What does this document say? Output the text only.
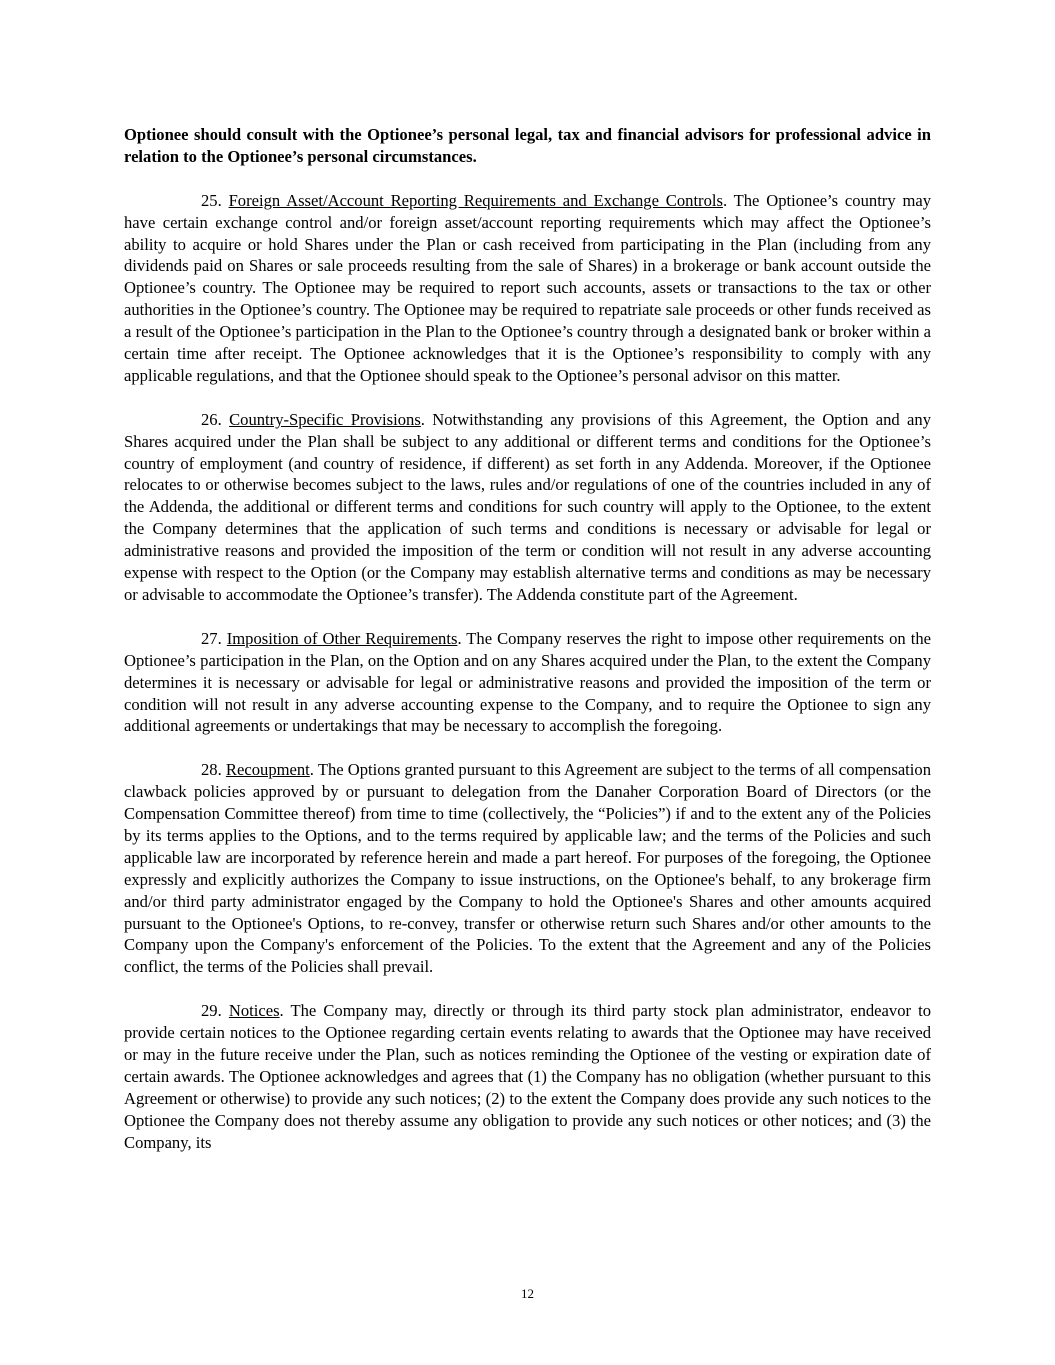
Optionee should consult with the Optionee’s personal legal, tax and financial advisors for professional advice in relation to the Optionee’s personal circumstances.

25. Foreign Asset/Account Reporting Requirements and Exchange Controls. The Optionee’s country may have certain exchange control and/or foreign asset/account reporting requirements which may affect the Optionee’s ability to acquire or hold Shares under the Plan or cash received from participating in the Plan (including from any dividends paid on Shares or sale proceeds resulting from the sale of Shares) in a brokerage or bank account outside the Optionee’s country. The Optionee may be required to report such accounts, assets or transactions to the tax or other authorities in the Optionee’s country. The Optionee may be required to repatriate sale proceeds or other funds received as a result of the Optionee’s participation in the Plan to the Optionee’s country through a designated bank or broker within a certain time after receipt. The Optionee acknowledges that it is the Optionee’s responsibility to comply with any applicable regulations, and that the Optionee should speak to the Optionee’s personal advisor on this matter.

26. Country-Specific Provisions. Notwithstanding any provisions of this Agreement, the Option and any Shares acquired under the Plan shall be subject to any additional or different terms and conditions for the Optionee’s country of employment (and country of residence, if different) as set forth in any Addenda. Moreover, if the Optionee relocates to or otherwise becomes subject to the laws, rules and/or regulations of one of the countries included in any of the Addenda, the additional or different terms and conditions for such country will apply to the Optionee, to the extent the Company determines that the application of such terms and conditions is necessary or advisable for legal or administrative reasons and provided the imposition of the term or condition will not result in any adverse accounting expense with respect to the Option (or the Company may establish alternative terms and conditions as may be necessary or advisable to accommodate the Optionee’s transfer). The Addenda constitute part of the Agreement.

27. Imposition of Other Requirements. The Company reserves the right to impose other requirements on the Optionee’s participation in the Plan, on the Option and on any Shares acquired under the Plan, to the extent the Company determines it is necessary or advisable for legal or administrative reasons and provided the imposition of the term or condition will not result in any adverse accounting expense to the Company, and to require the Optionee to sign any additional agreements or undertakings that may be necessary to accomplish the foregoing.

28. Recoupment. The Options granted pursuant to this Agreement are subject to the terms of all compensation clawback policies approved by or pursuant to delegation from the Danaher Corporation Board of Directors (or the Compensation Committee thereof) from time to time (collectively, the “Policies”) if and to the extent any of the Policies by its terms applies to the Options, and to the terms required by applicable law; and the terms of the Policies and such applicable law are incorporated by reference herein and made a part hereof. For purposes of the foregoing, the Optionee expressly and explicitly authorizes the Company to issue instructions, on the Optionee's behalf, to any brokerage firm and/or third party administrator engaged by the Company to hold the Optionee's Shares and other amounts acquired pursuant to the Optionee's Options, to re-convey, transfer or otherwise return such Shares and/or other amounts to the Company upon the Company's enforcement of the Policies. To the extent that the Agreement and any of the Policies conflict, the terms of the Policies shall prevail.

29. Notices. The Company may, directly or through its third party stock plan administrator, endeavor to provide certain notices to the Optionee regarding certain events relating to awards that the Optionee may have received or may in the future receive under the Plan, such as notices reminding the Optionee of the vesting or expiration date of certain awards. The Optionee acknowledges and agrees that (1) the Company has no obligation (whether pursuant to this Agreement or otherwise) to provide any such notices; (2) to the extent the Company does provide any such notices to the Optionee the Company does not thereby assume any obligation to provide any such notices or other notices; and (3) the Company, its

12
